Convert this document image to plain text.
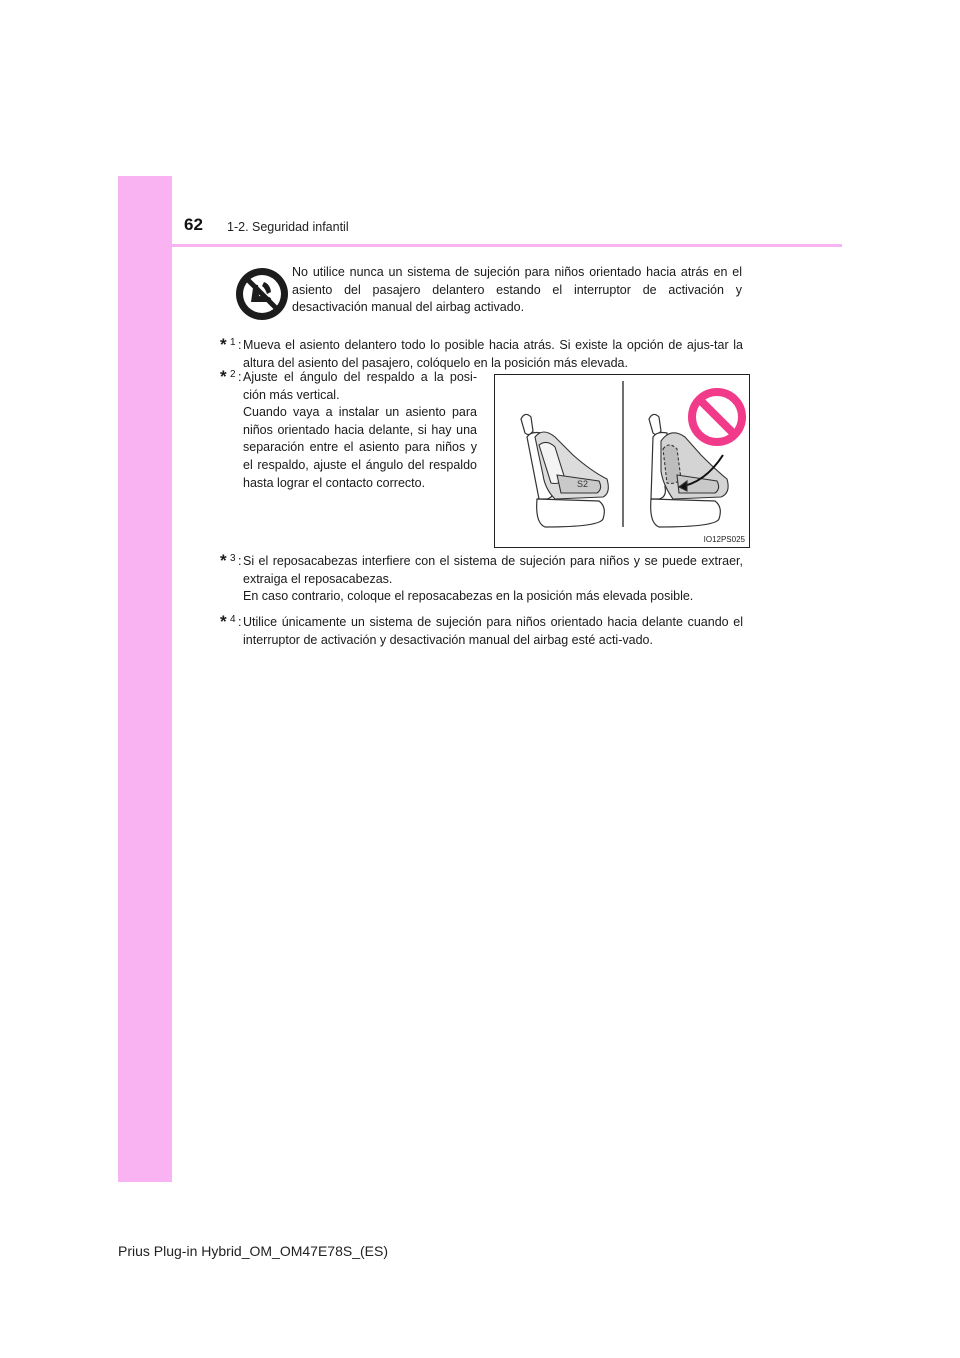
62 1-2. Seguridad infantil
No utilice nunca un sistema de sujeción para niños orientado hacia atrás en el asiento del pasajero delantero estando el interruptor de activación y desactivación manual del airbag activado.
* 1 : Mueva el asiento delantero todo lo posible hacia atrás. Si existe la opción de ajus-tar la altura del asiento del pasajero, colóquelo en la posición más elevada.
* 2 : Ajuste el ángulo del respaldo a la posi-ción más vertical.
Cuando vaya a instalar un asiento para niños orientado hacia delante, si hay una separación entre el asiento para niños y el respaldo, ajuste el ángulo del respaldo hasta lograr el contacto correcto.	S2
IO12PS025
* 3 : Si el reposacabezas interfiere con el sistema de sujeción para niños y se puede extraer, extraiga el reposacabezas.
En caso contrario, coloque el reposacabezas en la posición más elevada posible.
* 4 : Utilice únicamente un sistema de sujeción para niños orientado hacia delante cuando el interruptor de activación y desactivación manual del airbag esté acti-vado.
Prius Plug-in Hybrid_OM_OM47E78S_(ES)
